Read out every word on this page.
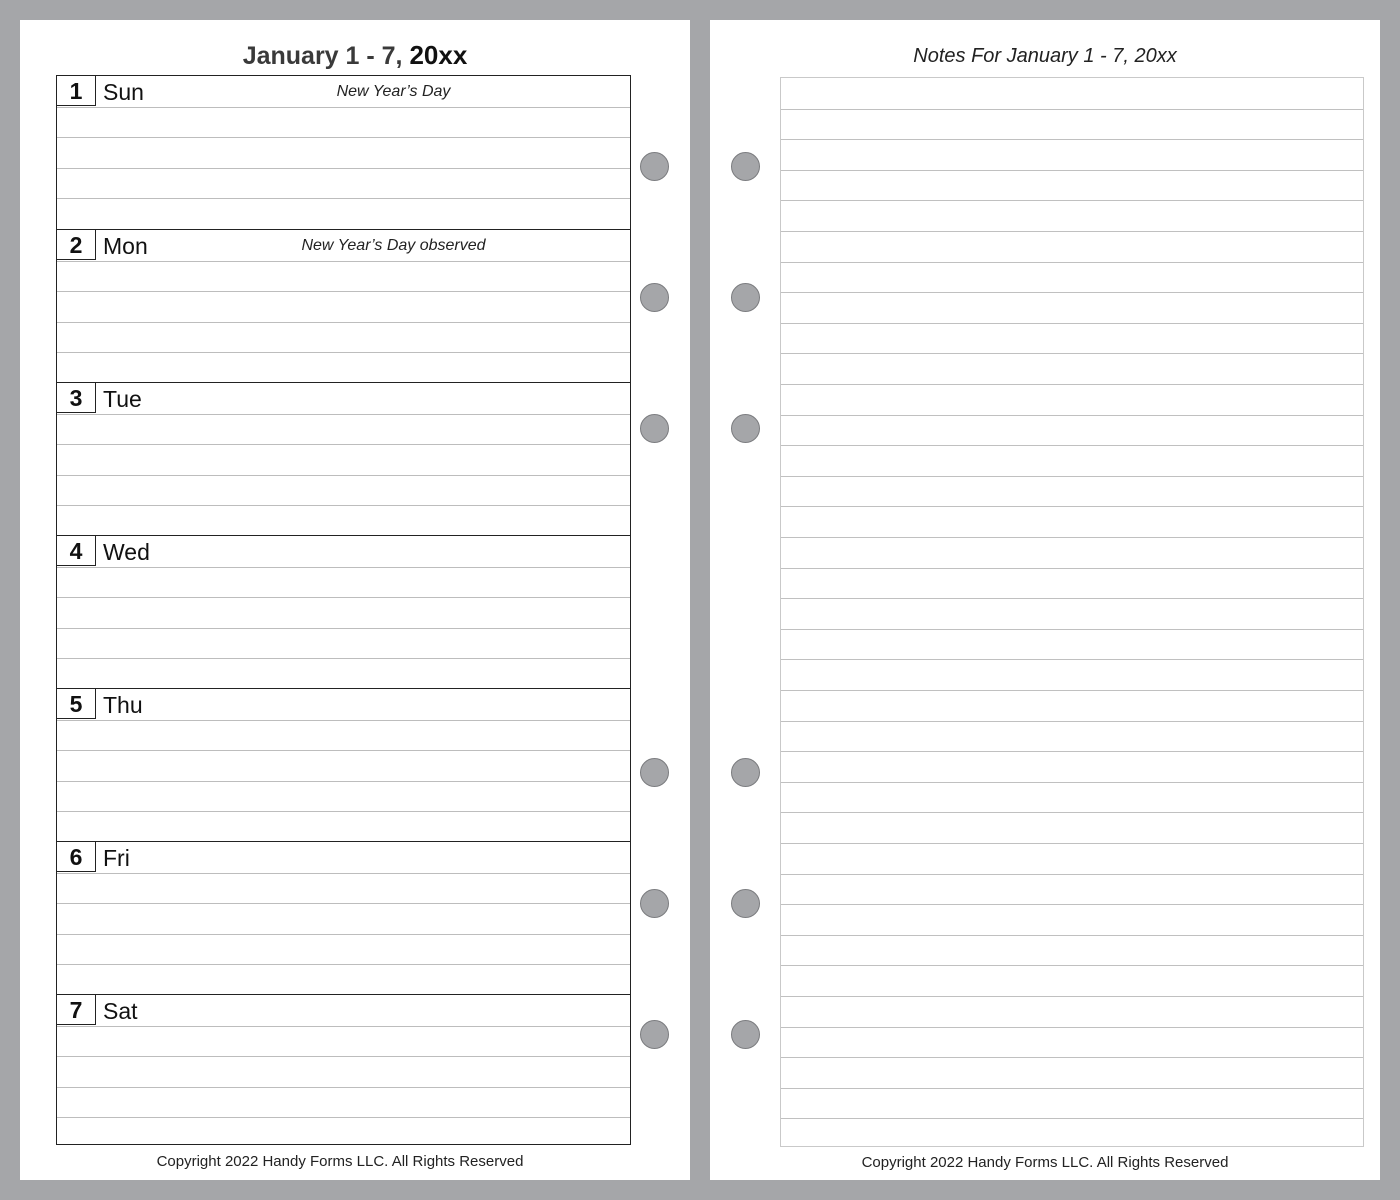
January 1 - 7, 20xx
1 Sun	New Year’s Day
2 Mon	New Year’s Day observed
3 Tue
4 Wed
5 Thu
6 Fri
7 Sat
Copyright 2022 Handy Forms LLC. All Rights Reserved
Notes For January 1 - 7, 20xx
Copyright 2022 Handy Forms LLC. All Rights Reserved
